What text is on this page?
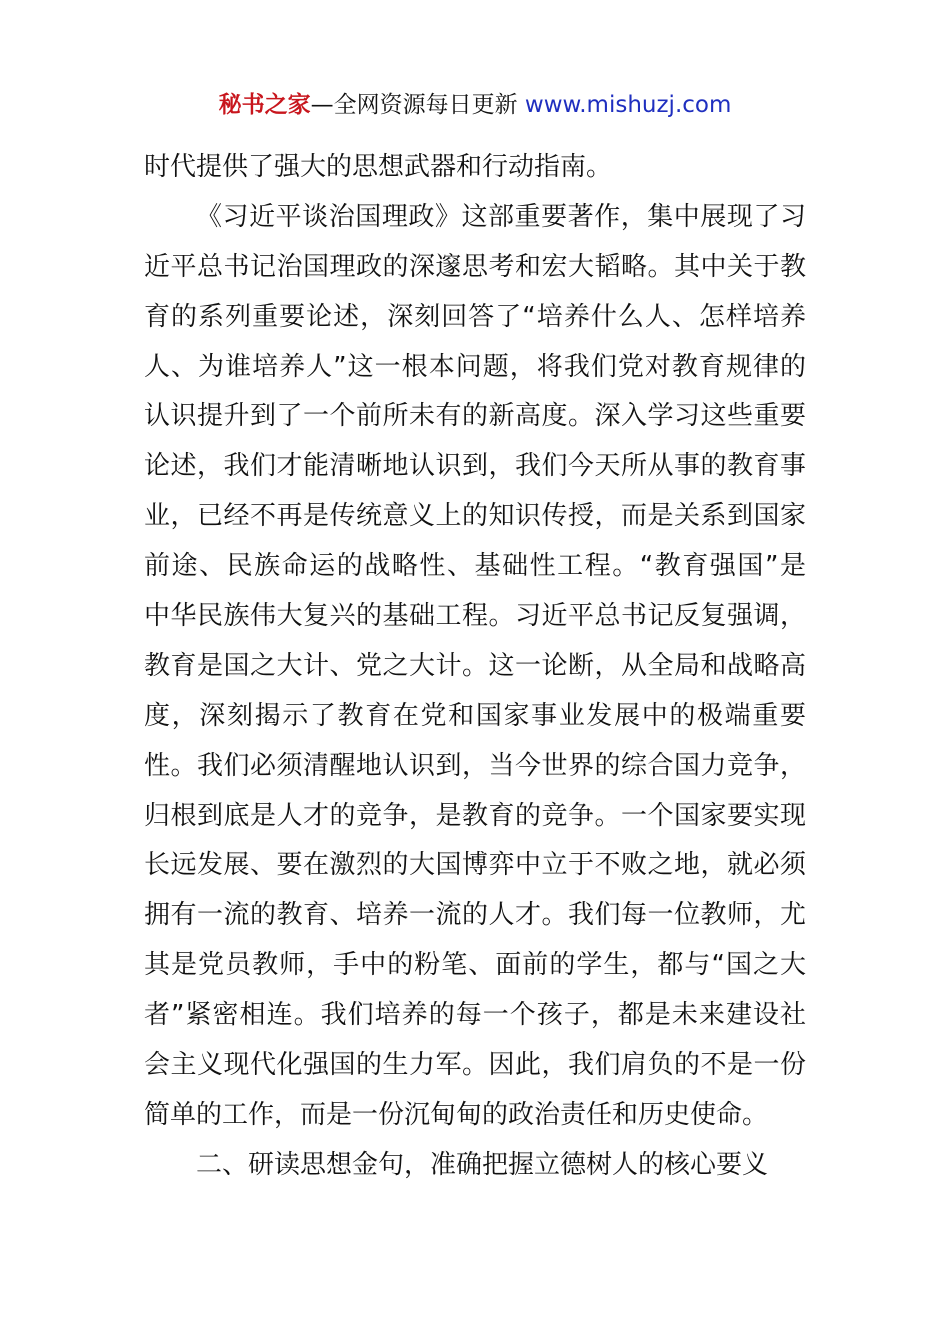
秘书之家—全网资源每日更新 www.mishuzj.com
时代提供了强大的思想武器和行动指南。
《习近平谈治国理政》这部重要著作，集中展现了习
近平总书记治国理政的深邃思考和宏大韬略。其中关于教
育的系列重要论述，深刻回答了“培养什么人、怎样培养
人、为谁培养人”这一根本问题，将我们党对教育规律的
认识提升到了一个前所未有的新高度。深入学习这些重要
论述，我们才能清晰地认识到，我们今天所从事的教育事
业，已经不再是传统意义上的知识传授，而是关系到国家
前途、民族命运的战略性、基础性工程。“教育强国”是
中华民族伟大复兴的基础工程。习近平总书记反复强调，
教育是国之大计、党之大计。这一论断，从全局和战略高
度，深刻揭示了教育在党和国家事业发展中的极端重要
性。我们必须清醒地认识到，当今世界的综合国力竞争，
归根到底是人才的竞争，是教育的竞争。一个国家要实现
长远发展、要在激烈的大国博弈中立于不败之地，就必须
拥有一流的教育、培养一流的人才。我们每一位教师，尤
其是党员教师，手中的粉笔、面前的学生，都与“国之大
者”紧密相连。我们培养的每一个孩子，都是未来建设社
会主义现代化强国的生力军。因此，我们肩负的不是一份
简单的工作，而是一份沉甸甸的政治责任和历史使命。
二、研读思想金句，准确把握立德树人的核心要义
